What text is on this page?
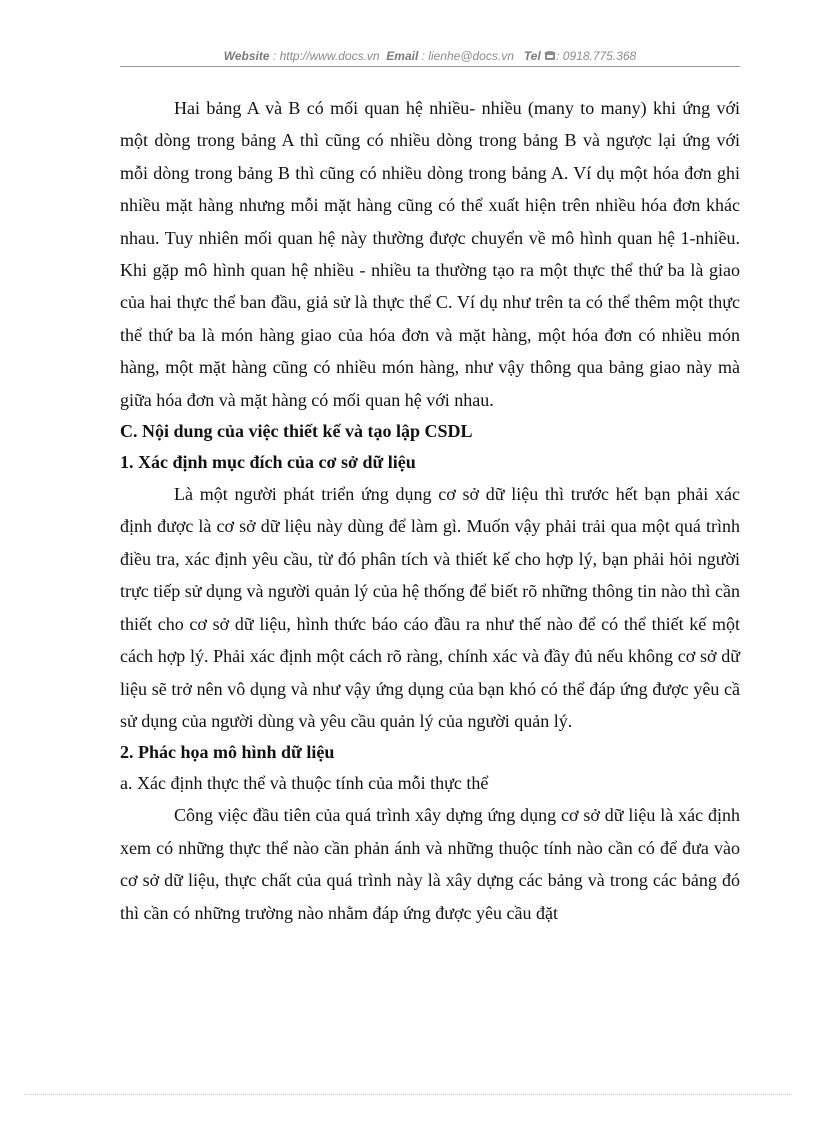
Website : http://www.docs.vn Email : lienhe@docs.vn Tel : 0918.775.368

Hai bảng A và B có mối quan hệ nhiều- nhiều (many to many) khi ứng với một dòng trong bảng A thì cũng có nhiều dòng trong bảng B và ngược lại ứng với mỗi dòng trong bảng B thì cũng có nhiều dòng trong bảng A. Ví dụ một hóa đơn ghi nhiều mặt hàng nhưng mỗi mặt hàng cũng có thể xuất hiện trên nhiều hóa đơn khác nhau. Tuy nhiên mối quan hệ này thường được chuyển về mô hình quan hệ 1-nhiều. Khi gặp mô hình quan hệ nhiều - nhiều ta thường tạo ra một thực thể thứ ba là giao của hai thực thể ban đầu, giả sử là thực thể C. Ví dụ như trên ta có thể thêm một thực thể thứ ba là món hàng giao của hóa đơn và mặt hàng, một hóa đơn có nhiều món hàng, một mặt hàng cũng có nhiều món hàng, như vậy thông qua bảng giao này mà giữa hóa đơn và mặt hàng có mối quan hệ với nhau.

C. Nội dung của việc thiết kế và tạo lập CSDL

1. Xác định mục đích của cơ sở dữ liệu

Là một người phát triển ứng dụng cơ sở dữ liệu thì trước hết bạn phải xác định được là cơ sở dữ liệu này dùng để làm gì. Muốn vậy phải trải qua một quá trình điều tra, xác định yêu cầu, từ đó phân tích và thiết kế cho hợp lý, bạn phải hỏi người trực tiếp sử dụng và người quản lý của hệ thống để biết rõ những thông tin nào thì cần thiết cho cơ sở dữ liệu, hình thức báo cáo đầu ra như thế nào để có thể thiết kế một cách hợp lý. Phải xác định một cách rõ ràng, chính xác và đầy đủ nếu không cơ sở dữ liệu sẽ trở nên vô dụng và như vậy ứng dụng của bạn khó có thể đáp ứng được yêu cầ sử dụng của người dùng và yêu cầu quản lý của người quản lý.

2. Phác họa mô hình dữ liệu

a. Xác định thực thể và thuộc tính của mỗi thực thể

Công việc đầu tiên của quá trình xây dựng ứng dụng cơ sở dữ liệu là xác định xem có những thực thể nào cần phản ánh và những thuộc tính nào cần có để đưa vào cơ sở dữ liệu, thực chất của quá trình này là xây dựng các bảng và trong các bảng đó thì cần có những trường nào nhằm đáp ứng được yêu cầu đặt
